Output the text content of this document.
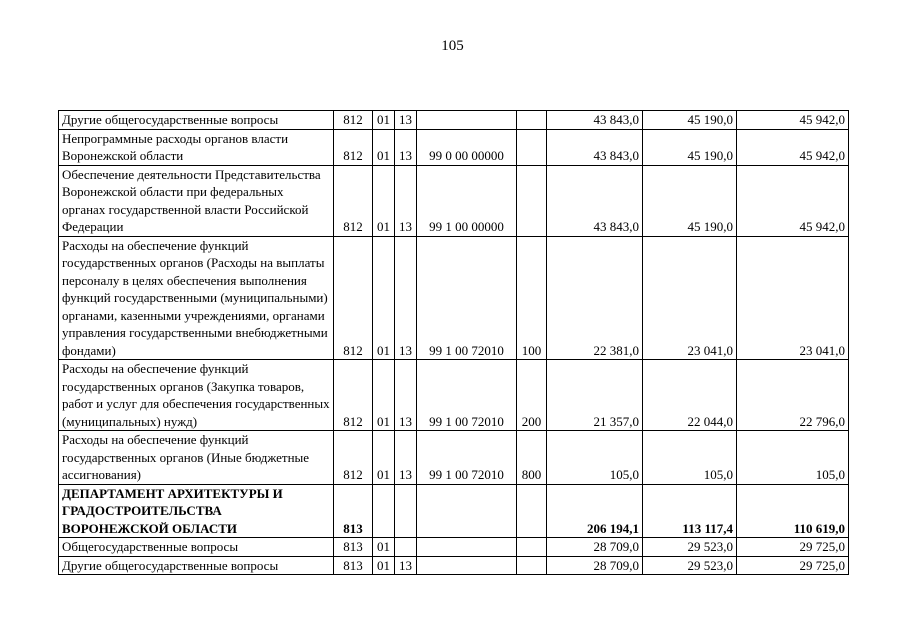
105
Другие общегосударственные вопросы	812	01	13			43 843,0	45 190,0	45 942,0
Непрограммные расходы органов власти Воронежской области	812	01	13	99 0 00 00000		43 843,0	45 190,0	45 942,0
Обеспечение деятельности Представительства Воронежской области при федеральных органах государственной власти Российской Федерации	812	01	13	99 1 00 00000		43 843,0	45 190,0	45 942,0
Расходы на обеспечение функций государственных органов (Расходы на выплаты персоналу в целях обеспечения выполнения функций государственными (муниципальными) органами, казенными учреждениями, органами управления государственными внебюджетными фондами)	812	01	13	99 1 00 72010	100	22 381,0	23 041,0	23 041,0
Расходы на обеспечение функций государственных органов (Закупка товаров, работ и услуг для обеспечения государственных (муниципальных) нужд)	812	01	13	99 1 00 72010	200	21 357,0	22 044,0	22 796,0
Расходы на обеспечение функций государственных органов (Иные бюджетные ассигнования)	812	01	13	99 1 00 72010	800	105,0	105,0	105,0
ДЕПАРТАМЕНТ АРХИТЕКТУРЫ И ГРАДОСТРОИТЕЛЬСТВА ВОРОНЕЖСКОЙ ОБЛАСТИ	813					206 194,1	113 117,4	110 619,0
Общегосударственные вопросы	813	01				28 709,0	29 523,0	29 725,0
Другие общегосударственные вопросы	813	01	13			28 709,0	29 523,0	29 725,0
